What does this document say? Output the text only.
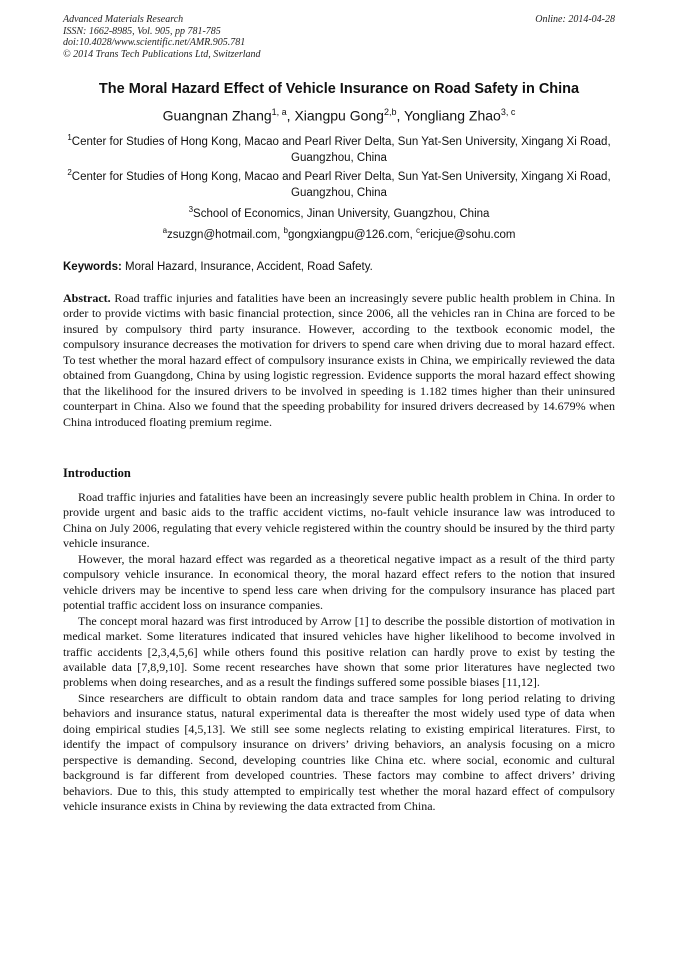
Advanced Materials Research
ISSN: 1662-8985, Vol. 905, pp 781-785
doi:10.4028/www.scientific.net/AMR.905.781
© 2014 Trans Tech Publications Ltd, Switzerland
Online: 2014-04-28
The Moral Hazard Effect of Vehicle Insurance on Road Safety in China
Guangnan Zhang$^{1, a}$, Xiangpu Gong$^{2,b}$, Yongliang Zhao$^{3, c}$
$^1$Center for Studies of Hong Kong, Macao and Pearl River Delta, Sun Yat-Sen University, Xingang Xi Road, Guangzhou, China
$^2$Center for Studies of Hong Kong, Macao and Pearl River Delta, Sun Yat-Sen University, Xingang Xi Road, Guangzhou, China
$^3$School of Economics, Jinan University, Guangzhou, China
$^a$zsuzgn@hotmail.com, $^b$gongxiangpu@126.com, $^c$ericjue@sohu.com
Keywords: Moral Hazard, Insurance, Accident, Road Safety.
Abstract. Road traffic injuries and fatalities have been an increasingly severe public health problem in China. In order to provide victims with basic financial protection, since 2006, all the vehicles ran in China are forced to be insured by compulsory third party insurance. However, according to the textbook economic model, the compulsory insurance decreases the motivation for drivers to spend care when driving due to moral hazard effect. To test whether the moral hazard effect of compulsory insurance exists in China, we empirically reviewed the data obtained from Guangdong, China by using logistic regression. Evidence supports the moral hazard effect showing that the likelihood for the insured drivers to be involved in speeding is 1.182 times higher than their uninsured counterpart in China. Also we found that the speeding probability for insured drivers decreased by 14.679% when China introduced floating premium regime.
Introduction

Road traffic injuries and fatalities have been an increasingly severe public health problem in China. In order to provide urgent and basic aids to the traffic accident victims, no-fault vehicle insurance law was introduced to China on July 2006, regulating that every vehicle registered within the country should be insured by the third party vehicle insurance.

However, the moral hazard effect was regarded as a theoretical negative impact as a result of the third party compulsory vehicle insurance. In economical theory, the moral hazard effect refers to the notion that insured vehicle drivers may be incentive to spend less care when driving for the compulsory insurance has placed part potential traffic accident loss on insurance companies.

The concept moral hazard was first introduced by Arrow [1] to describe the possible distortion of motivation in medical market. Some literatures indicated that insured vehicles have higher likelihood to become involved in traffic accidents [2,3,4,5,6] while others found this positive relation can hardly prove to exist by testing the available data [7,8,9,10]. Some recent researches have shown that some prior literatures have neglected two problems when doing researches, and as a result the findings suffered some possible biases [11,12].

Since researchers are difficult to obtain random data and trace samples for long period relating to driving behaviors and insurance status, natural experimental data is thereafter the most widely used type of data when doing empirical studies [4,5,13]. We still see some neglects relating to existing empirical literatures. First, to identify the impact of compulsory insurance on drivers’ driving behaviors, an analysis focusing on a micro perspective is demanding. Second, developing countries like China etc. where social, economic and cultural background is far different from developed countries. These factors may combine to affect drivers’ driving behaviors. Due to this, this study attempted to empirically test whether the moral hazard effect of compulsory vehicle insurance exists in China by reviewing the data extracted from China.
